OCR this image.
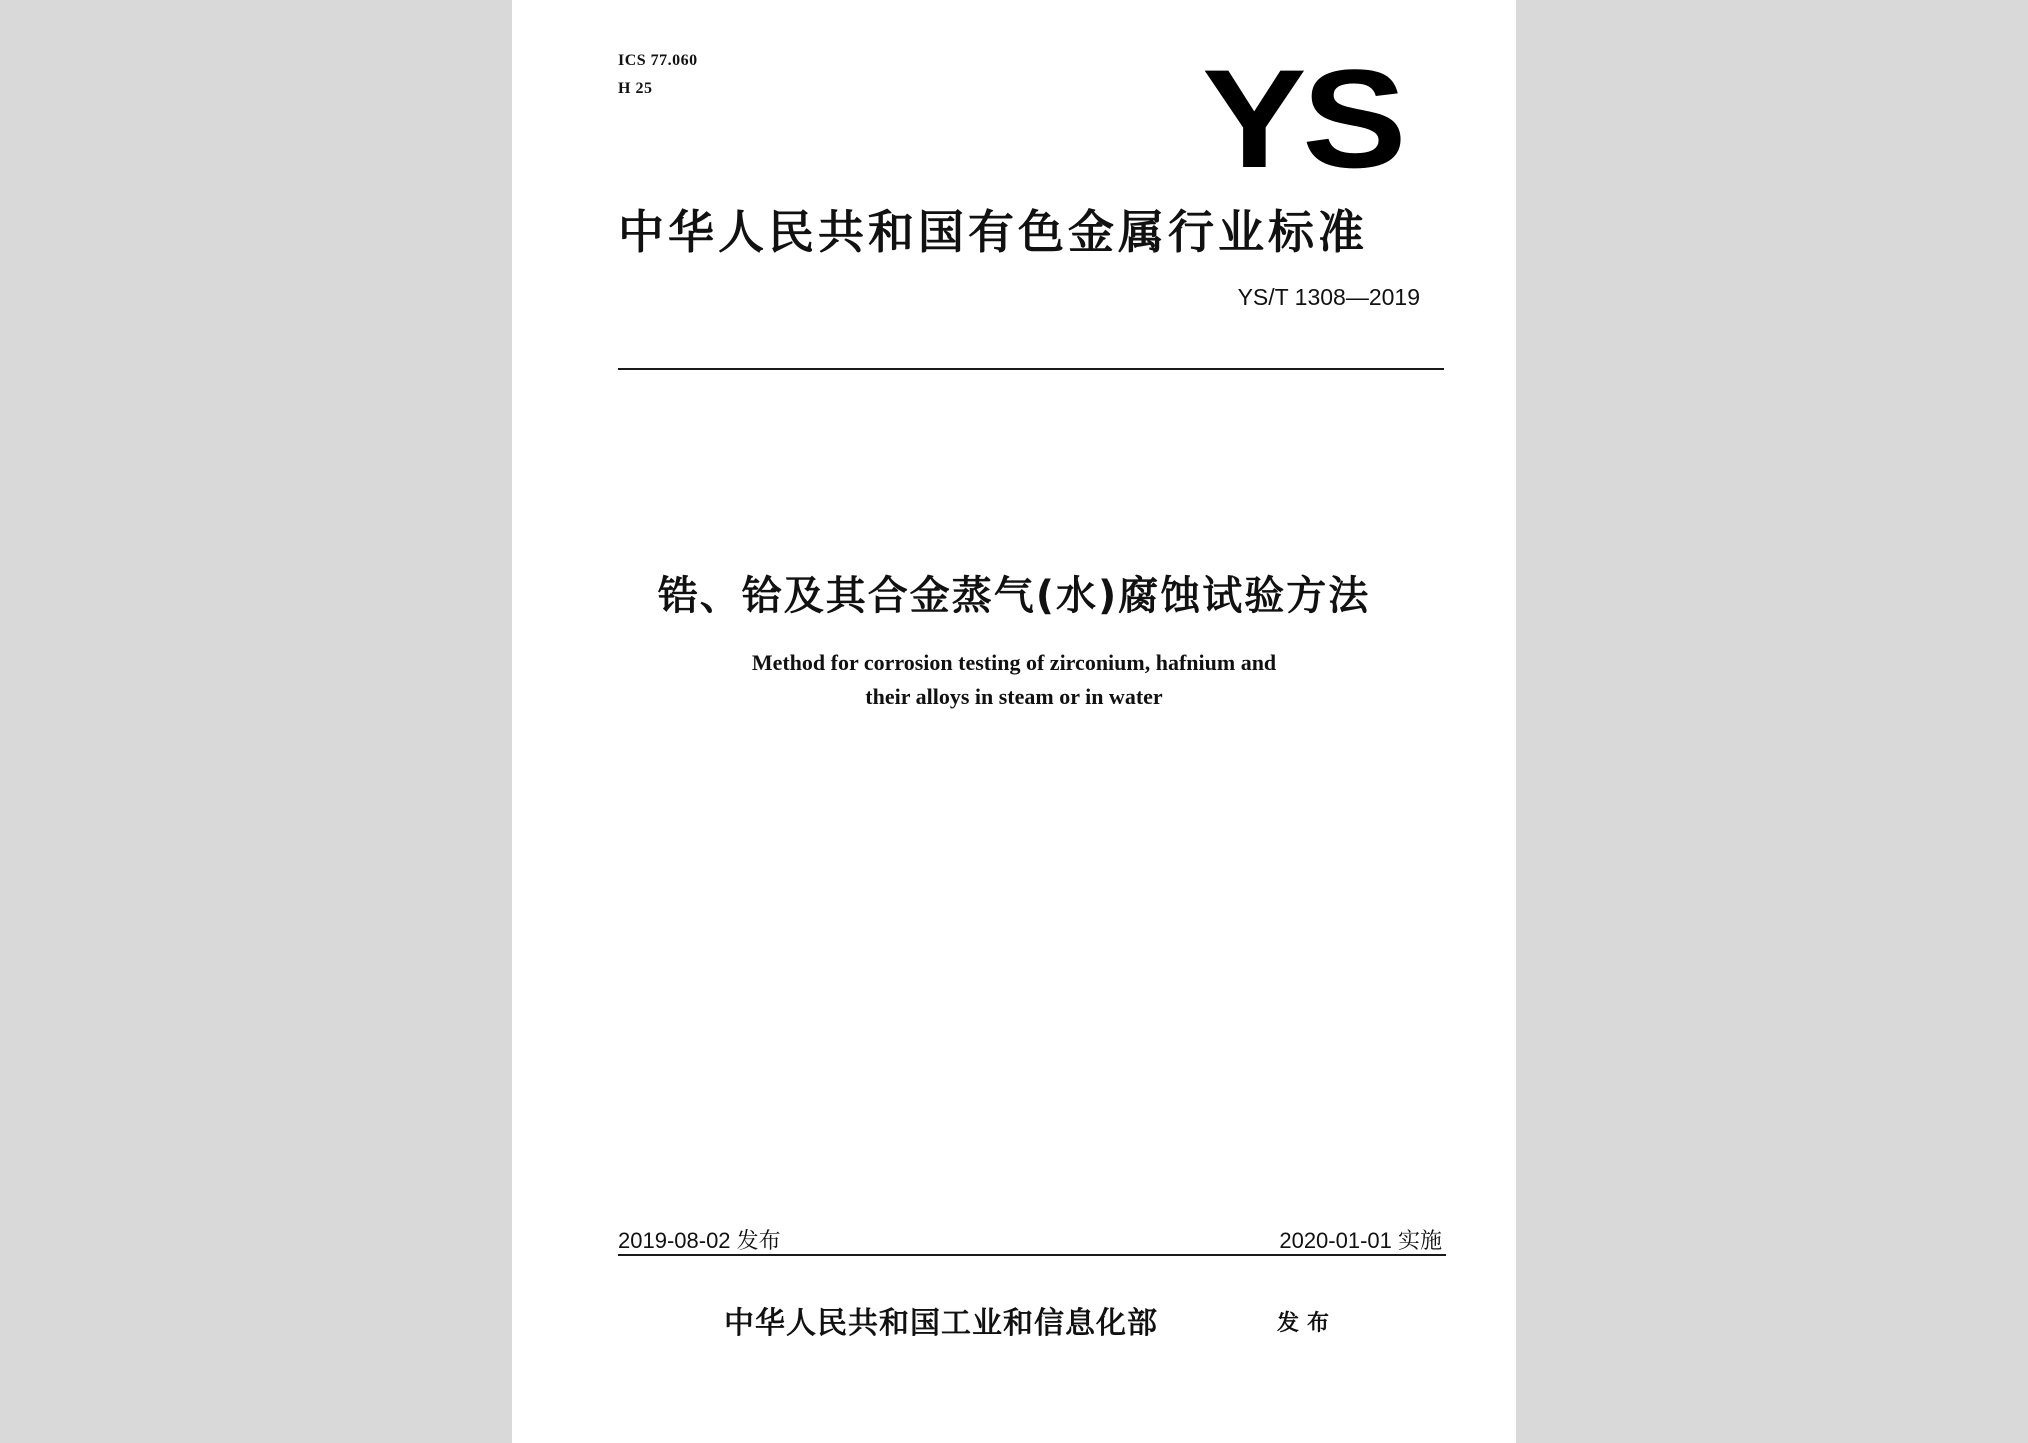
ICS 77.060
H 25	YS
中华人民共和国有色金属行业标准
YS/T 1308—2019
锆、铪及其合金蒸气(水)腐蚀试验方法
Method for corrosion testing of zirconium, hafnium and
their alloys in steam or in water
2019-08-02 发布	2020-01-01 实施
中华人民共和国工业和信息化部	发布
